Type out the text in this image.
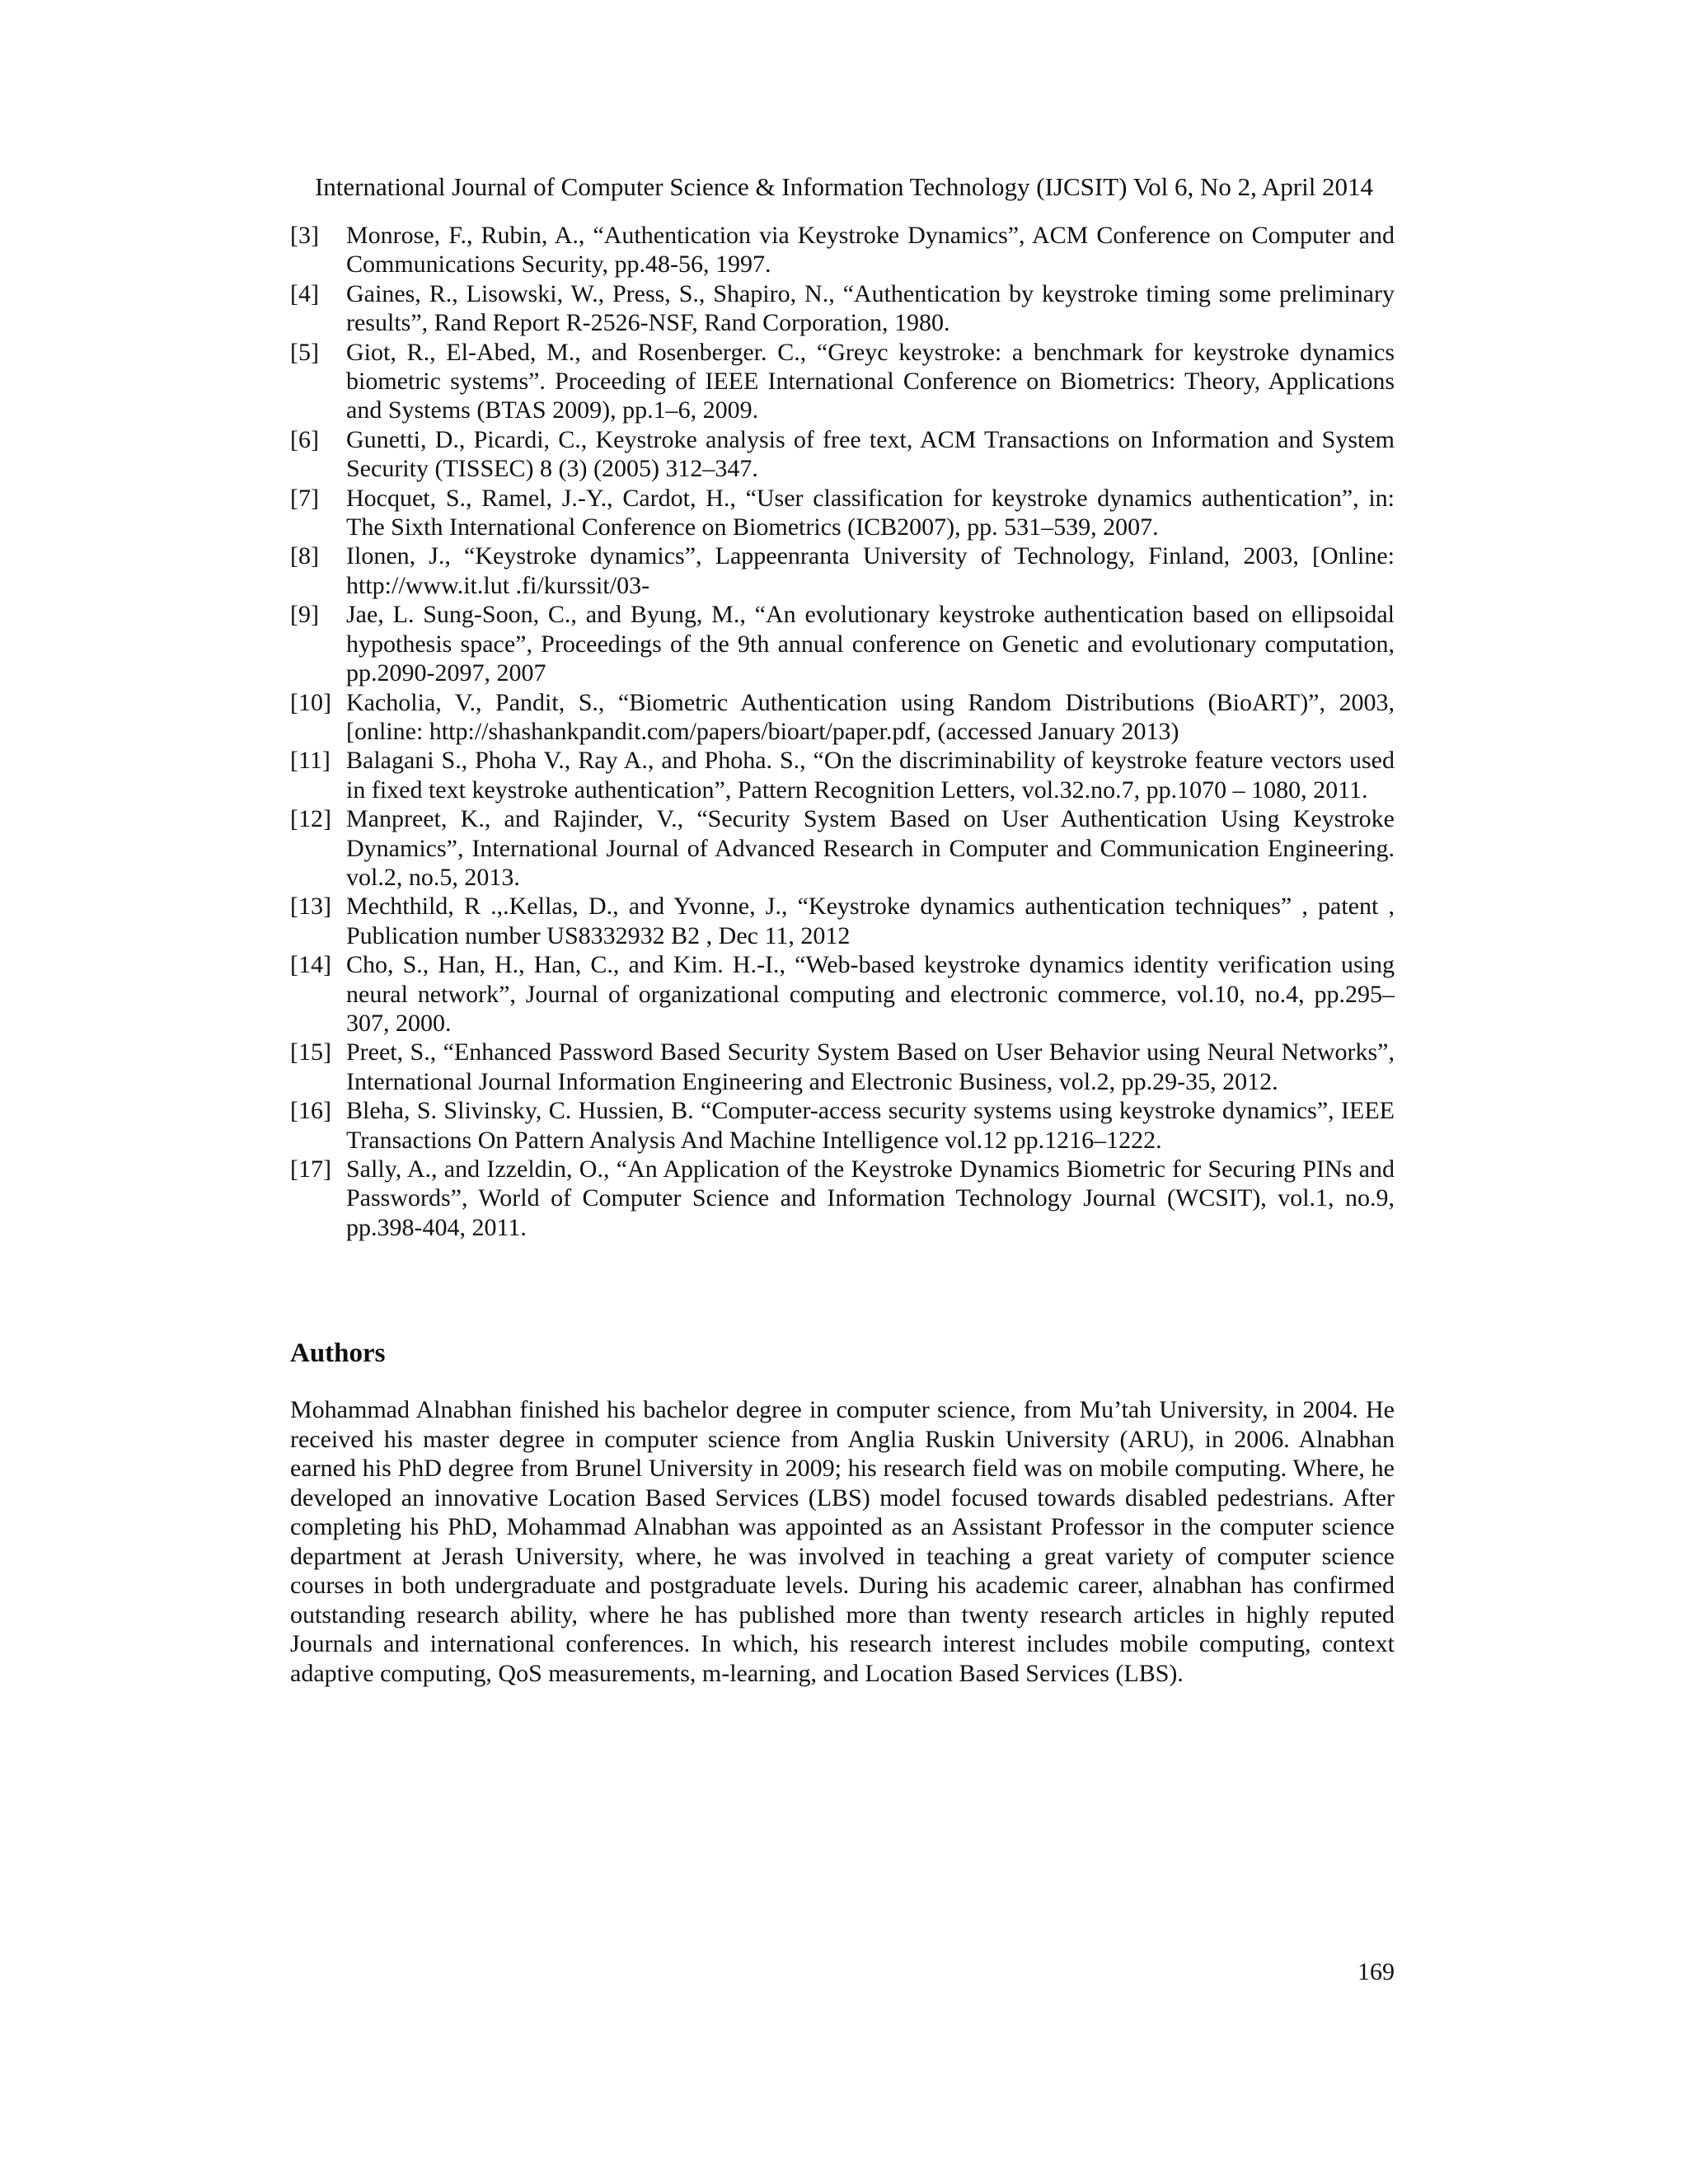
International Journal of Computer Science & Information Technology (IJCSIT) Vol 6, No 2, April 2014
[3] Monrose, F., Rubin, A., “Authentication via Keystroke Dynamics”, ACM Conference on Computer and Communications Security, pp.48-56, 1997.
[4] Gaines, R., Lisowski, W., Press, S., Shapiro, N., “Authentication by keystroke timing some preliminary results”, Rand Report R-2526-NSF, Rand Corporation, 1980.
[5] Giot, R., El-Abed, M., and Rosenberger. C., “Greyc keystroke: a benchmark for keystroke dynamics biometric systems”. Proceeding of IEEE International Conference on Biometrics: Theory, Applications and Systems (BTAS 2009), pp.1–6, 2009.
[6] Gunetti, D., Picardi, C., Keystroke analysis of free text, ACM Transactions on Information and System Security (TISSEC) 8 (3) (2005) 312–347.
[7] Hocquet, S., Ramel, J.-Y., Cardot, H., “User classification for keystroke dynamics authentication”, in: The Sixth International Conference on Biometrics (ICB2007), pp. 531–539, 2007.
[8] Ilonen, J., “Keystroke dynamics”, Lappeenranta University of Technology, Finland, 2003, [Online: http://www.it.lut .fi/kurssit/03-
[9] Jae, L. Sung-Soon, C., and Byung, M., “An evolutionary keystroke authentication based on ellipsoidal hypothesis space”, Proceedings of the 9th annual conference on Genetic and evolutionary computation, pp.2090-2097, 2007
[10] Kacholia, V., Pandit, S., “Biometric Authentication using Random Distributions (BioART)”, 2003, [online: http://shashankpandit.com/papers/bioart/paper.pdf, (accessed January 2013)
[11] Balagani S., Phoha V., Ray A., and Phoha. S., “On the discriminability of keystroke feature vectors used in fixed text keystroke authentication”, Pattern Recognition Letters, vol.32.no.7, pp.1070 – 1080, 2011.
[12] Manpreet, K., and Rajinder, V., “Security System Based on User Authentication Using Keystroke Dynamics”, International Journal of Advanced Research in Computer and Communication Engineering. vol.2, no.5, 2013.
[13] Mechthild, R .,.Kellas, D., and Yvonne, J., “Keystroke dynamics authentication techniques” , patent , Publication number US8332932 B2 , Dec 11, 2012
[14] Cho, S., Han, H., Han, C., and Kim. H.-I., “Web-based keystroke dynamics identity verification using neural network”, Journal of organizational computing and electronic commerce, vol.10, no.4, pp.295–307, 2000.
[15] Preet, S., “Enhanced Password Based Security System Based on User Behavior using Neural Networks”, International Journal Information Engineering and Electronic Business, vol.2, pp.29-35, 2012.
[16] Bleha, S. Slivinsky, C. Hussien, B. “Computer-access security systems using keystroke dynamics”, IEEE Transactions On Pattern Analysis And Machine Intelligence vol.12 pp.1216–1222.
[17] Sally, A., and Izzeldin, O., “An Application of the Keystroke Dynamics Biometric for Securing PINs and Passwords”, World of Computer Science and Information Technology Journal (WCSIT), vol.1, no.9, pp.398-404, 2011.
Authors

Mohammad Alnabhan finished his bachelor degree in computer science, from Mu’tah University, in 2004. He received his master degree in computer science from Anglia Ruskin University (ARU), in 2006. Alnabhan earned his PhD degree from Brunel University in 2009; his research field was on mobile computing. Where, he developed an innovative Location Based Services (LBS) model focused towards disabled pedestrians. After completing his PhD, Mohammad Alnabhan was appointed as an Assistant Professor in the computer science department at Jerash University, where, he was involved in teaching a great variety of computer science courses in both undergraduate and postgraduate levels. During his academic career, alnabhan has confirmed outstanding research ability, where he has published more than twenty research articles in highly reputed Journals and international conferences. In which, his research interest includes mobile computing, context adaptive computing, QoS measurements, m-learning, and Location Based Services (LBS).

169
